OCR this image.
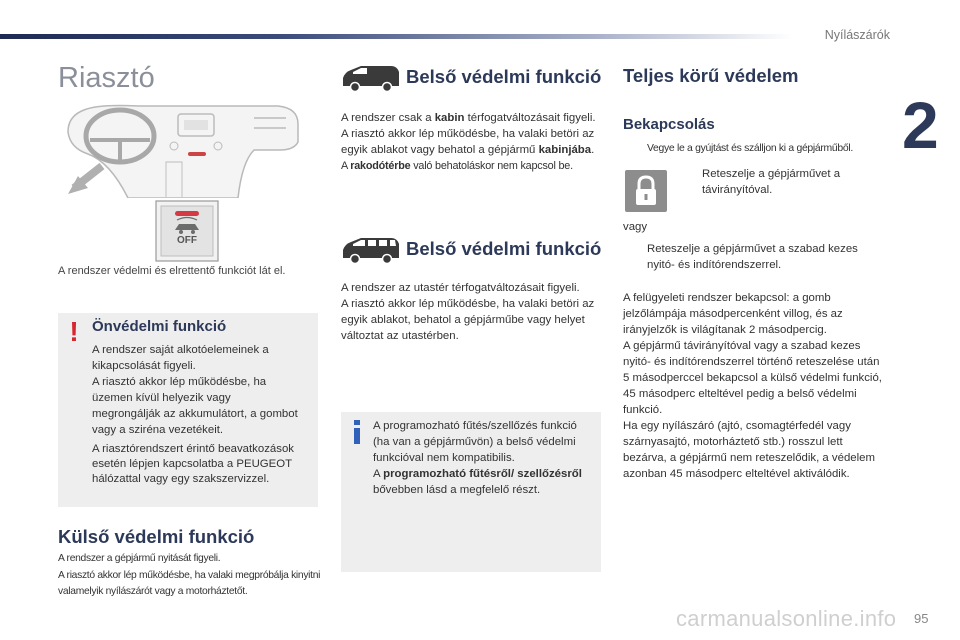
Nyílászárók
2
Riasztó
OFF
A rendszer védelmi és elrettentő funkciót lát el.
! Önvédelmi funkció
A rendszer saját alkotóelemeinek a kikapcsolását figyeli.
A riasztó akkor lép működésbe, ha üzemen kívül helyezik vagy megrongálják az akkumulátort, a gombot vagy a sziréna vezetékeit.
A riasztórendszert érintő beavatkozások esetén lépjen kapcsolatba a PEUGEOT hálózattal vagy egy szakszervizzel.
Külső védelmi funkció
A rendszer a gépjármű nyitását figyeli.
A riasztó akkor lép működésbe, ha valaki megpróbálja kinyitni valamelyik nyílászárót vagy a motorháztetőt.
Belső védelmi funkció
A rendszer csak a kabin térfogatváltozásait figyeli.
A riasztó akkor lép működésbe, ha valaki betöri az egyik ablakot vagy behatol a gépjármű kabinjába.
A rakodótérbe való behatoláskor nem kapcsol be.
Belső védelmi funkció
A rendszer az utastér térfogatváltozásait figyeli.
A riasztó akkor lép működésbe, ha valaki betöri az egyik ablakot, behatol a gépjárműbe vagy helyet változtat az utastérben.
A programozható fűtés/szellőzés funkció (ha van a gépjárművön) a belső védelmi funkcióval nem kompatibilis.
A programozható fűtésről/ szellőzésről bővebben lásd a megfelelő részt.
Teljes körű védelem
Bekapcsolás
Vegye le a gyújtást és szálljon ki a gépjárműből.
Reteszelje a gépjárművet a távirányítóval.
vagy
Reteszelje a gépjárművet a szabad kezes nyitó- és indítórendszerrel.
A felügyeleti rendszer bekapcsol: a gomb jelzőlámpája másodpercenként villog, és az irányjelzők is világítanak 2 másodpercig.
A gépjármű távirányítóval vagy a szabad kezes nyitó- és indítórendszerrel történő reteszelése után 5 másodperccel bekapcsol a külső védelmi funkció, 45 másodperc elteltével pedig a belső védelmi funkció.
Ha egy nyílászáró (ajtó, csomagtérfedél vagy szárnyasajtó, motorháztető stb.) rosszul lett bezárva, a gépjármű nem reteszelődik, a védelem azonban 45 másodperc elteltével aktiválódik.
carmanualsonline.info 95
